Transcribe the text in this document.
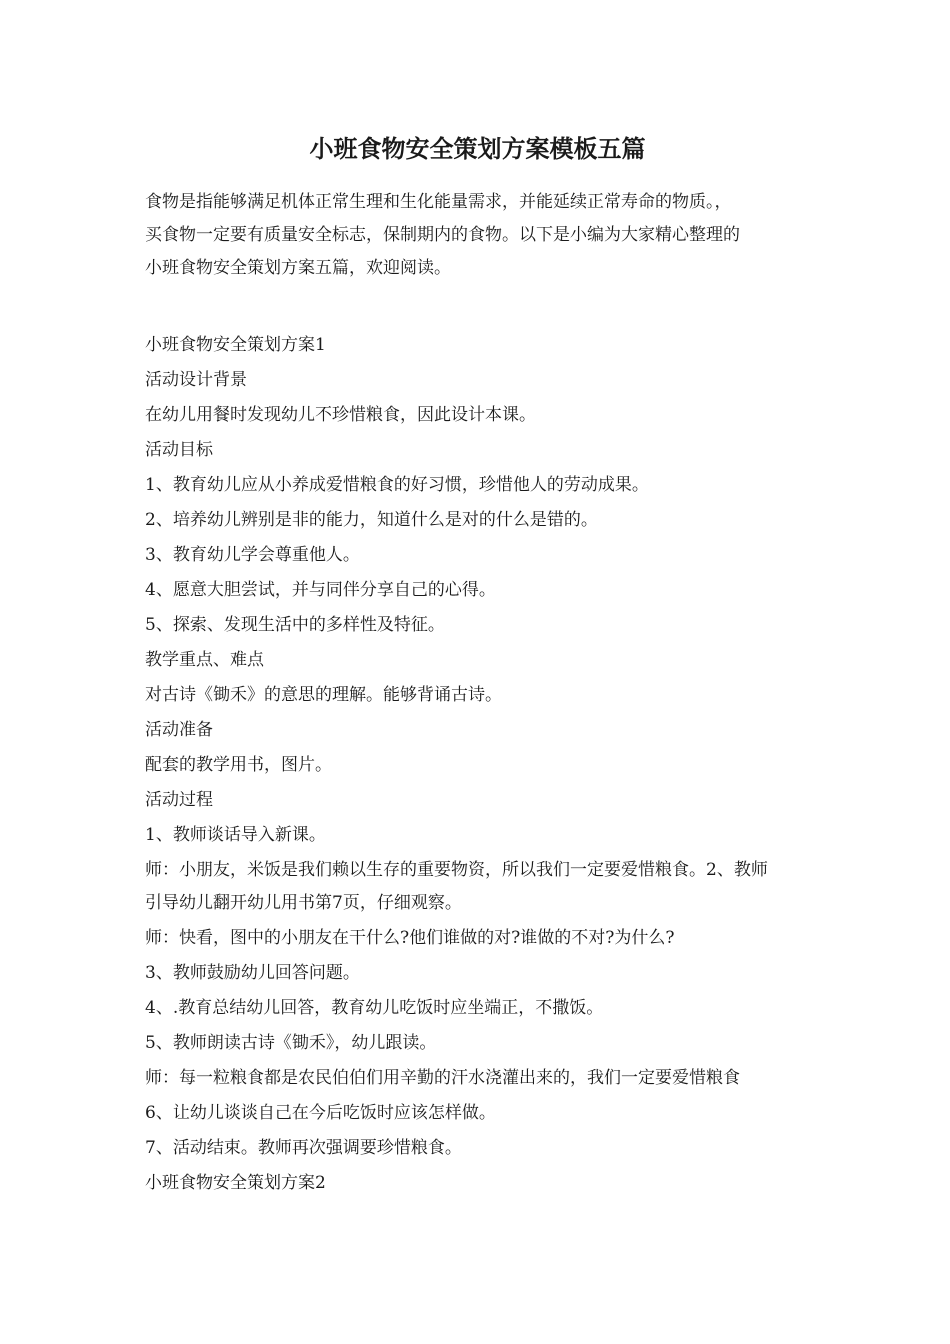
小班食物安全策划方案模板五篇
食物是指能够满足机体正常生理和生化能量需求，并能延续正常寿命的物质。，
买食物一定要有质量安全标志，保制期内的食物。以下是小编为大家精心整理的
小班食物安全策划方案五篇，欢迎阅读。
小班食物安全策划方案1
活动设计背景
在幼儿用餐时发现幼儿不珍惜粮食，因此设计本课。
活动目标
1、教育幼儿应从小养成爱惜粮食的好习惯，珍惜他人的劳动成果。
2、培养幼儿辨别是非的能力，知道什么是对的什么是错的。
3、教育幼儿学会尊重他人。
4、愿意大胆尝试，并与同伴分享自己的心得。
5、探索、发现生活中的多样性及特征。
教学重点、难点
对古诗《锄禾》的意思的理解。能够背诵古诗。
活动准备
配套的教学用书，图片。
活动过程
1、教师谈话导入新课。
师：小朋友，米饭是我们赖以生存的重要物资，所以我们一定要爱惜粮食。2、教师
引导幼儿翻开幼儿用书第7页，仔细观察。
师：快看，图中的小朋友在干什么?他们谁做的对?谁做的不对?为什么?
3、教师鼓励幼儿回答问题。
4、.教育总结幼儿回答，教育幼儿吃饭时应坐端正，不撒饭。
5、教师朗读古诗《锄禾》，幼儿跟读。
师：每一粒粮食都是农民伯伯们用辛勤的汗水浇灌出来的，我们一定要爱惜粮食
6、让幼儿谈谈自己在今后吃饭时应该怎样做。
7、活动结束。教师再次强调要珍惜粮食。
小班食物安全策划方案2
